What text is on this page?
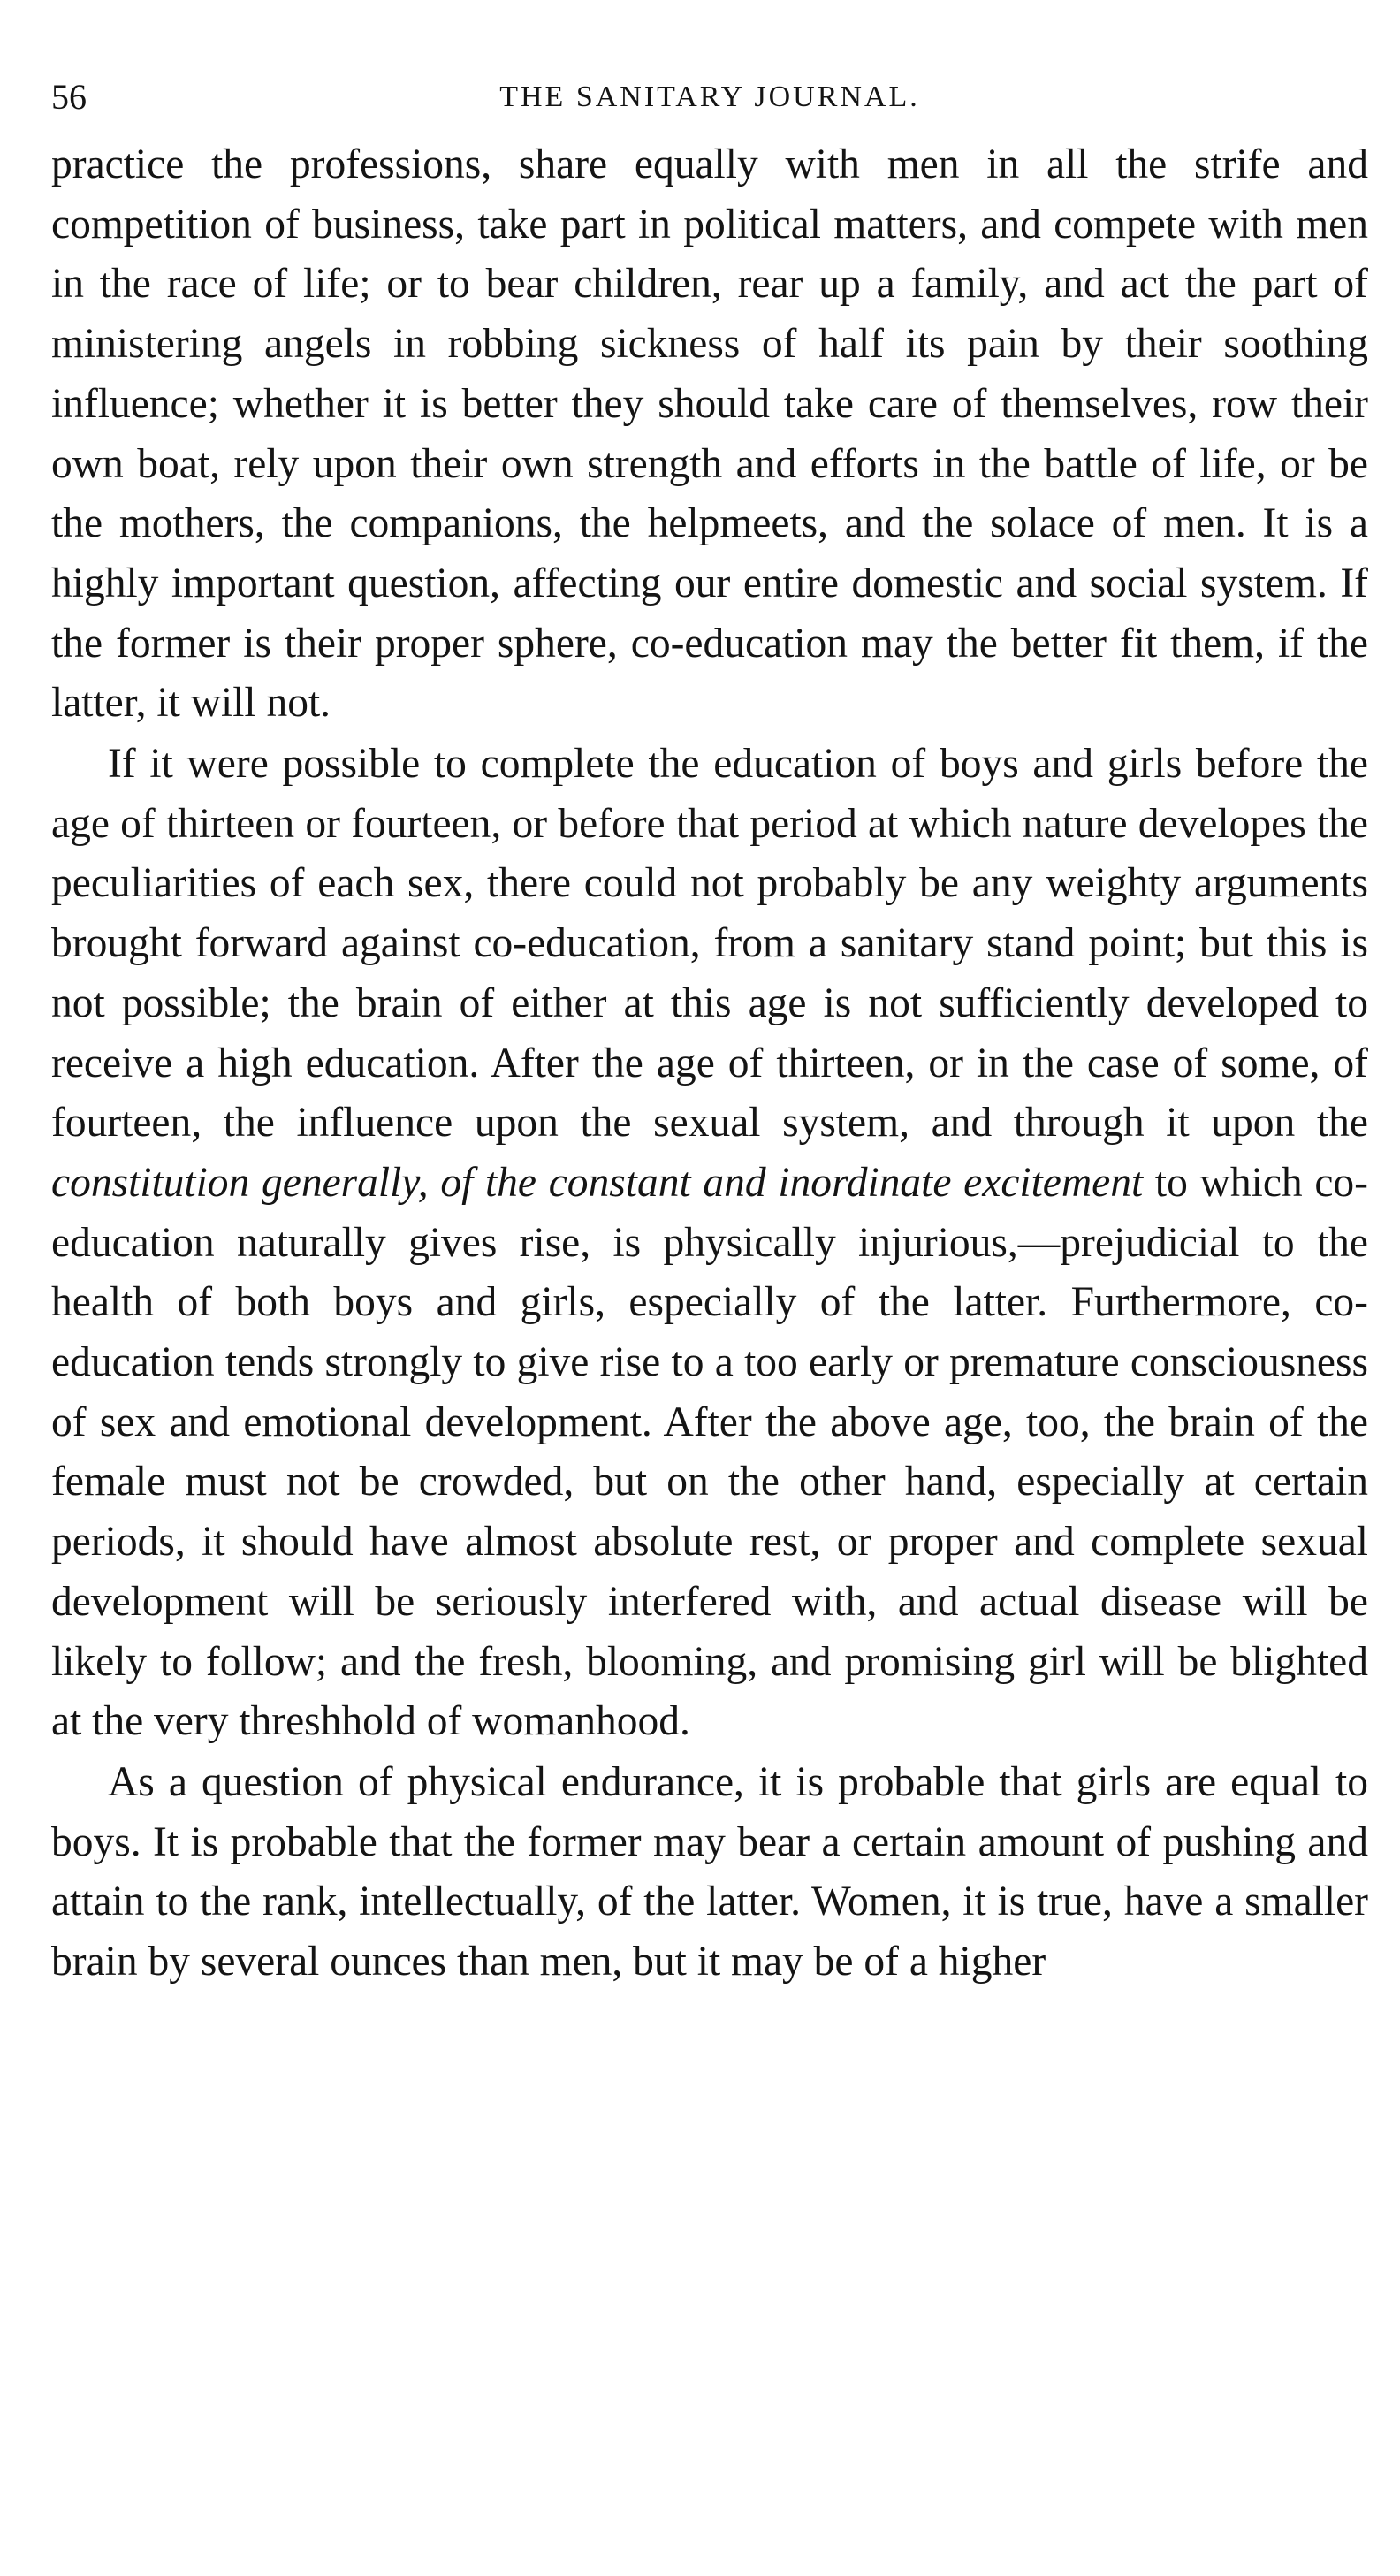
56	THE SANITARY JOURNAL.

practice the professions, share equally with men in all the strife and competition of business, take part in political matters, and compete with men in the race of life; or to bear children, rear up a family, and act the part of ministering angels in robbing sickness of half its pain by their soothing influence; whether it is better they should take care of themselves, row their own boat, rely upon their own strength and efforts in the battle of life, or be the mothers, the companions, the helpmeets, and the solace of men. It is a highly important question, affecting our entire domestic and social system. If the former is their proper sphere, co-education may the better fit them, if the latter, it will not.

If it were possible to complete the education of boys and girls before the age of thirteen or fourteen, or before that period at which nature developes the peculiarities of each sex, there could not probably be any weighty arguments brought forward against co-education, from a sanitary stand point; but this is not possible; the brain of either at this age is not sufficiently developed to receive a high education. After the age of thirteen, or in the case of some, of fourteen, the influence upon the sexual system, and through it upon the constitution generally, of the constant and inordinate excitement to which co-education naturally gives rise, is physically injurious,—prejudicial to the health of both boys and girls, especially of the latter. Furthermore, co-education tends strongly to give rise to a too early or premature consciousness of sex and emotional development. After the above age, too, the brain of the female must not be crowded, but on the other hand, especially at certain periods, it should have almost absolute rest, or proper and complete sexual development will be seriously interfered with, and actual disease will be likely to follow; and the fresh, blooming, and promising girl will be blighted at the very threshhold of womanhood.

As a question of physical endurance, it is probable that girls are equal to boys. It is probable that the former may bear a certain amount of pushing and attain to the rank, intellectually, of the latter. Women, it is true, have a smaller brain by several ounces than men, but it may be of a higher
